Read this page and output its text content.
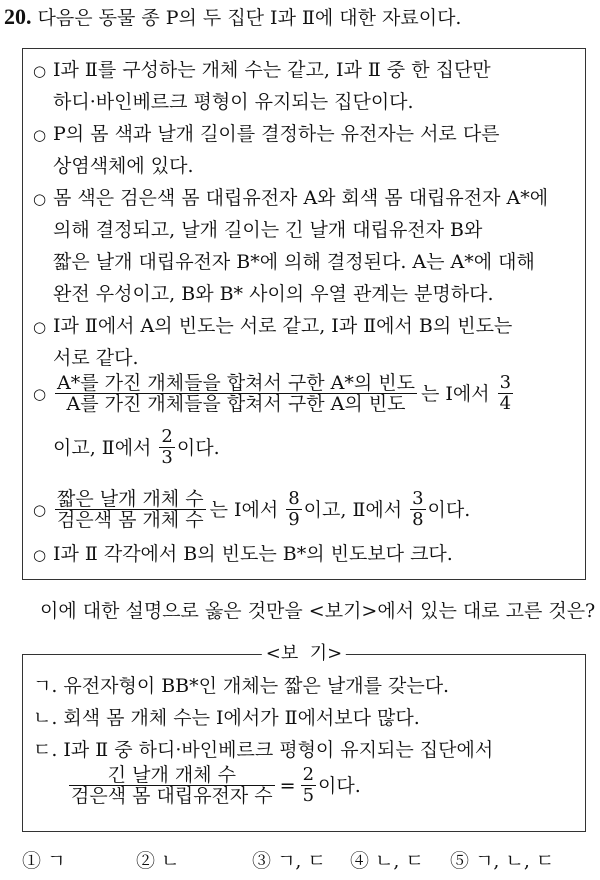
20. 다음은 동물 종 P의 두 집단 Ⅰ과 Ⅱ에 대한 자료이다.
○ Ⅰ과 Ⅱ를 구성하는 개체 수는 같고, Ⅰ과 Ⅱ 중 한 집단만
하디·바인베르크 평형이 유지되는 집단이다.
○ P의 몸 색과 날개 길이를 결정하는 유전자는 서로 다른
상염색체에 있다.
○ 몸 색은 검은색 몸 대립유전자 A와 회색 몸 대립유전자 A*에
의해 결정되고, 날개 길이는 긴 날개 대립유전자 B와
짧은 날개 대립유전자 B*에 의해 결정된다. A는 A*에 대해
완전 우성이고, B와 B* 사이의 우열 관계는 분명하다.
○ Ⅰ과 Ⅱ에서 A의 빈도는 서로 같고, Ⅰ과 Ⅱ에서 B의 빈도는
서로 같다.
○ $\frac{\text{A*를 가진 개체들을 합쳐서 구한 A*의 빈도}}{\text{A를 가진 개체들을 합쳐서 구한 A의 빈도}}$ 는 Ⅰ에서 $\frac{3}{4}$
이고, Ⅱ에서 $\frac{2}{3}$ 이다.
○ $\frac{\text{짧은 날개 개체 수}}{\text{검은색 몸 개체 수}}$ 는 Ⅰ에서 $\frac{8}{9}$ 이고, Ⅱ에서 $\frac{3}{8}$ 이다.
○ Ⅰ과 Ⅱ 각각에서 B의 빈도는 B*의 빈도보다 크다.
이에 대한 설명으로 옳은 것만을 <보기>에서 있는 대로 고른 것은?
<보  기>
ㄱ. 유전자형이 BB*인 개체는 짧은 날개를 갖는다.
ㄴ. 회색 몸 개체 수는 Ⅰ에서가 Ⅱ에서보다 많다.
ㄷ. Ⅰ과 Ⅱ 중 하디·바인베르크 평형이 유지되는 집단에서
$\frac{\text{긴 날개 개체 수}}{\text{검은색 몸 대립유전자 수}} = \frac{2}{5}$ 이다.
① ㄱ	② ㄴ	③ ㄱ, ㄷ ④ ㄴ, ㄷ ⑤ ㄱ, ㄴ, ㄷ
